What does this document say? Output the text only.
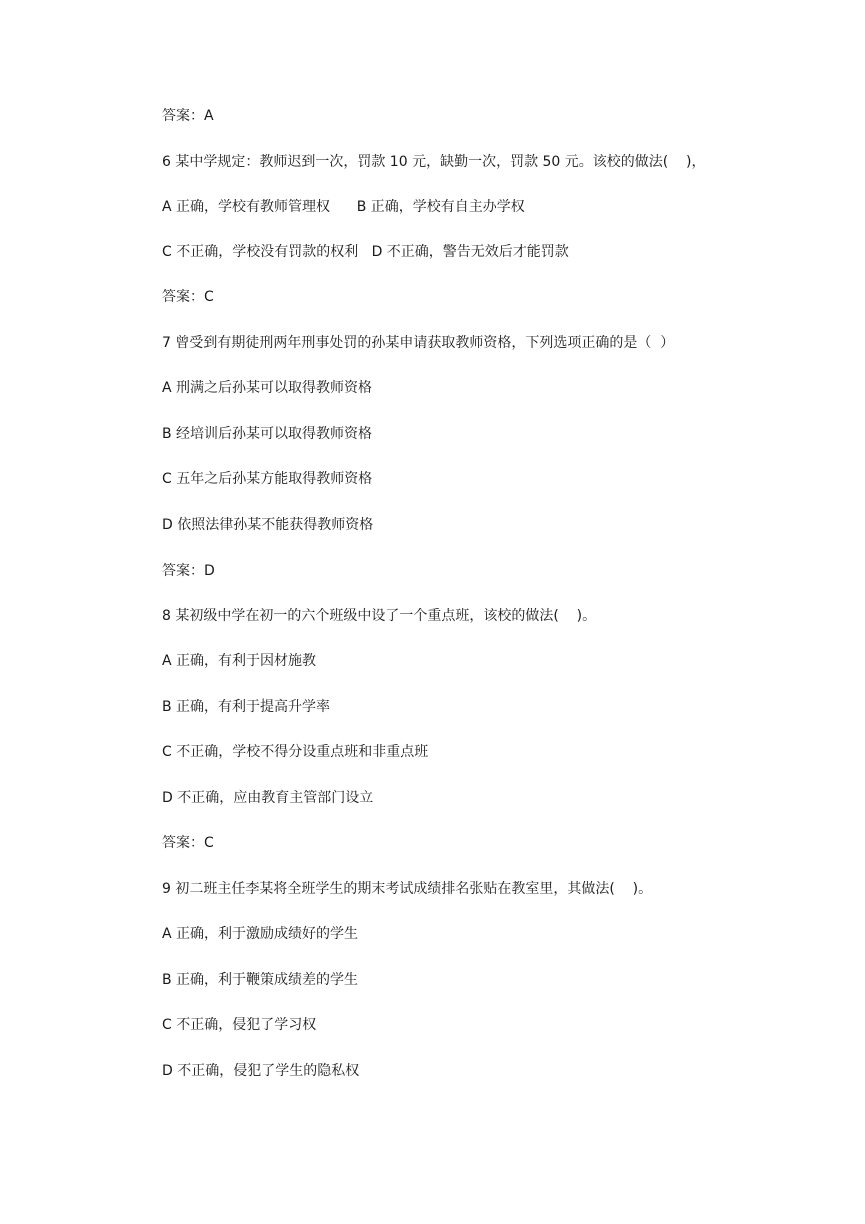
答案：A
6 某中学规定：教师迟到一次，罚款 10 元，缺勤一次，罚款 50 元。该校的做法(    )，
A 正确，学校有教师管理权      B 正确，学校有自主办学权
C 不正确，学校没有罚款的权利   D 不正确，警告无效后才能罚款
答案：C
7 曾受到有期徒刑两年刑事处罚的孙某申请获取教师资格，下列选项正确的是（  ）
A 刑满之后孙某可以取得教师资格
B 经培训后孙某可以取得教师资格
C 五年之后孙某方能取得教师资格
D 依照法律孙某不能获得教师资格
答案：D
8 某初级中学在初一的六个班级中设了一个重点班，该校的做法(    )。
A 正确，有利于因材施教
B 正确，有利于提高升学率
C 不正确，学校不得分设重点班和非重点班
D 不正确，应由教育主管部门设立
答案：C
9 初二班主任李某将全班学生的期末考试成绩排名张贴在教室里，其做法(    )。
A 正确，利于激励成绩好的学生
B 正确，利于鞭策成绩差的学生
C 不正确，侵犯了学习权
D 不正确，侵犯了学生的隐私权
